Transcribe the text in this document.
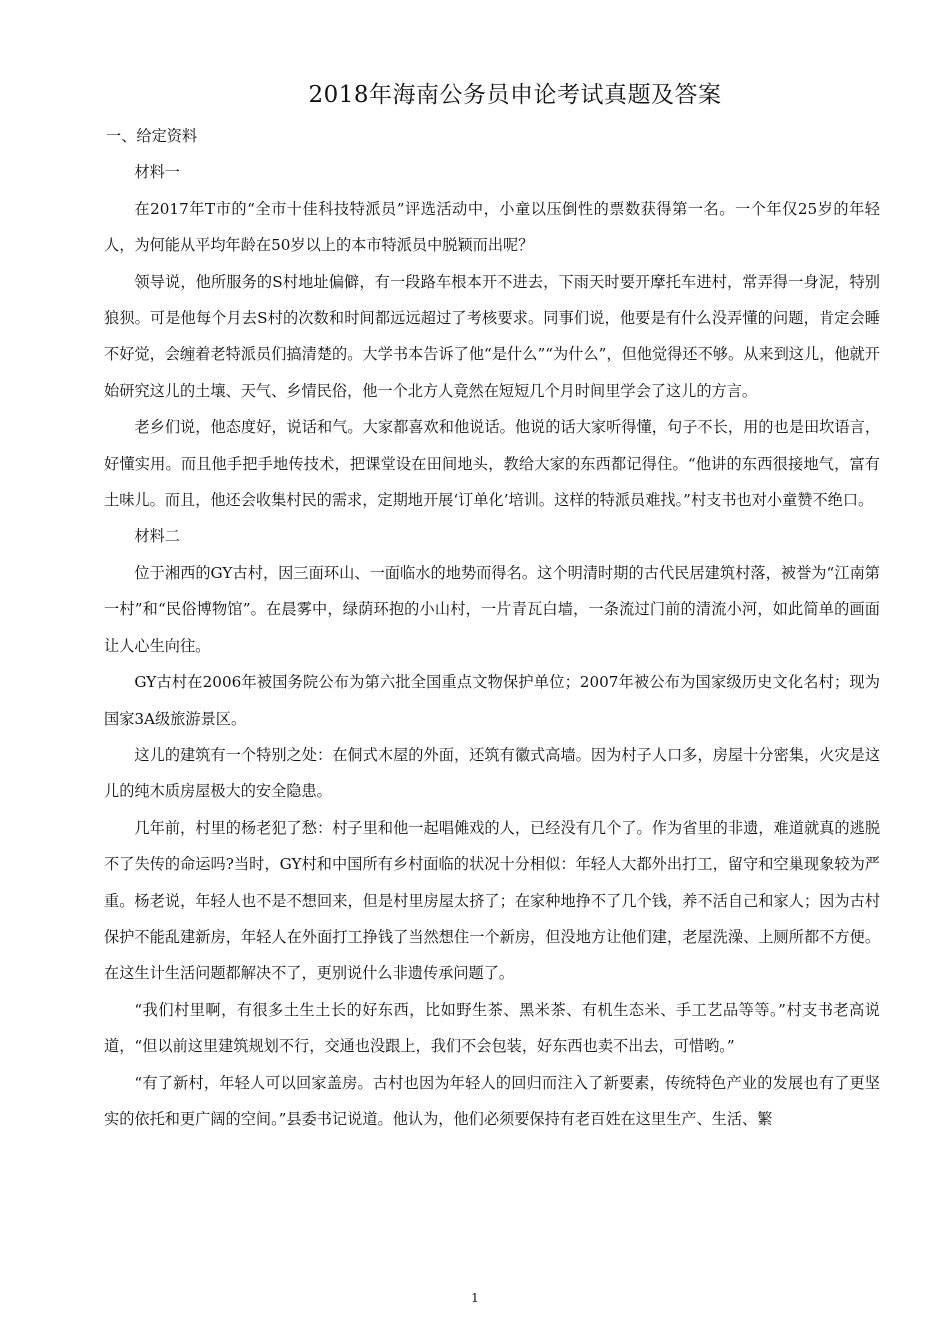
2018年海南公务员申论考试真题及答案

一、给定资料

材料一

在2017年T市的“全市十佳科技特派员”评选活动中，小童以压倒性的票数获得第一名。一个年仅25岁的年轻人，为何能从平均年龄在50岁以上的本市特派员中脱颖而出呢？

领导说，他所服务的S村地址偏僻，有一段路车根本开不进去，下雨天时要开摩托车进村，常弄得一身泥，特别狼狈。可是他每个月去S村的次数和时间都远远超过了考核要求。同事们说，他要是有什么没弄懂的问题，肯定会睡不好觉，会缠着老特派员们搞清楚的。大学书本告诉了他“是什么”“为什么”，但他觉得还不够。从来到这儿，他就开始研究这儿的土壤、天气、乡情民俗，他一个北方人竟然在短短几个月时间里学会了这儿的方言。

老乡们说，他态度好，说话和气。大家都喜欢和他说话。他说的话大家听得懂，句子不长，用的也是田坎语言，好懂实用。而且他手把手地传技术，把课堂设在田间地头，教给大家的东西都记得住。“他讲的东西很接地气，富有土味儿。而且，他还会收集村民的需求，定期地开展‘订单化’培训。这样的特派员难找。”村支书也对小童赞不绝口。

材料二

位于湘西的GY古村，因三面环山、一面临水的地势而得名。这个明清时期的古代民居建筑村落，被誉为“江南第一村”和“民俗博物馆”。在晨雾中，绿荫环抱的小山村，一片青瓦白墙，一条流过门前的清流小河，如此简单的画面让人心生向往。

GY古村在2006年被国务院公布为第六批全国重点文物保护单位；2007年被公布为国家级历史文化名村；现为国家3A级旅游景区。

这儿的建筑有一个特别之处：在侗式木屋的外面，还筑有徽式高墙。因为村子人口多，房屋十分密集，火灾是这儿的纯木质房屋极大的安全隐患。

几年前，村里的杨老犯了愁：村子里和他一起唱傩戏的人，已经没有几个了。作为省里的非遗，难道就真的逃脱不了失传的命运吗?当时，GY村和中国所有乡村面临的状况十分相似：年轻人大都外出打工，留守和空巢现象较为严重。杨老说，年轻人也不是不想回来，但是村里房屋太挤了；在家种地挣不了几个钱，养不活自己和家人；因为古村保护不能乱建新房，年轻人在外面打工挣钱了当然想住一个新房，但没地方让他们建，老屋洗澡、上厕所都不方便。在这生计生活问题都解决不了，更别说什么非遗传承问题了。

“我们村里啊，有很多土生土长的好东西，比如野生茶、黑米茶、有机生态米、手工艺品等等。”村支书老高说道，“但以前这里建筑规划不行，交通也没跟上，我们不会包装，好东西也卖不出去，可惜哟。”

“有了新村，年轻人可以回家盖房。古村也因为年轻人的回归而注入了新要素，传统特色产业的发展也有了更坚实的依托和更广阔的空间。”县委书记说道。他认为，他们必须要保持有老百姓在这里生产、生活、繁

1
